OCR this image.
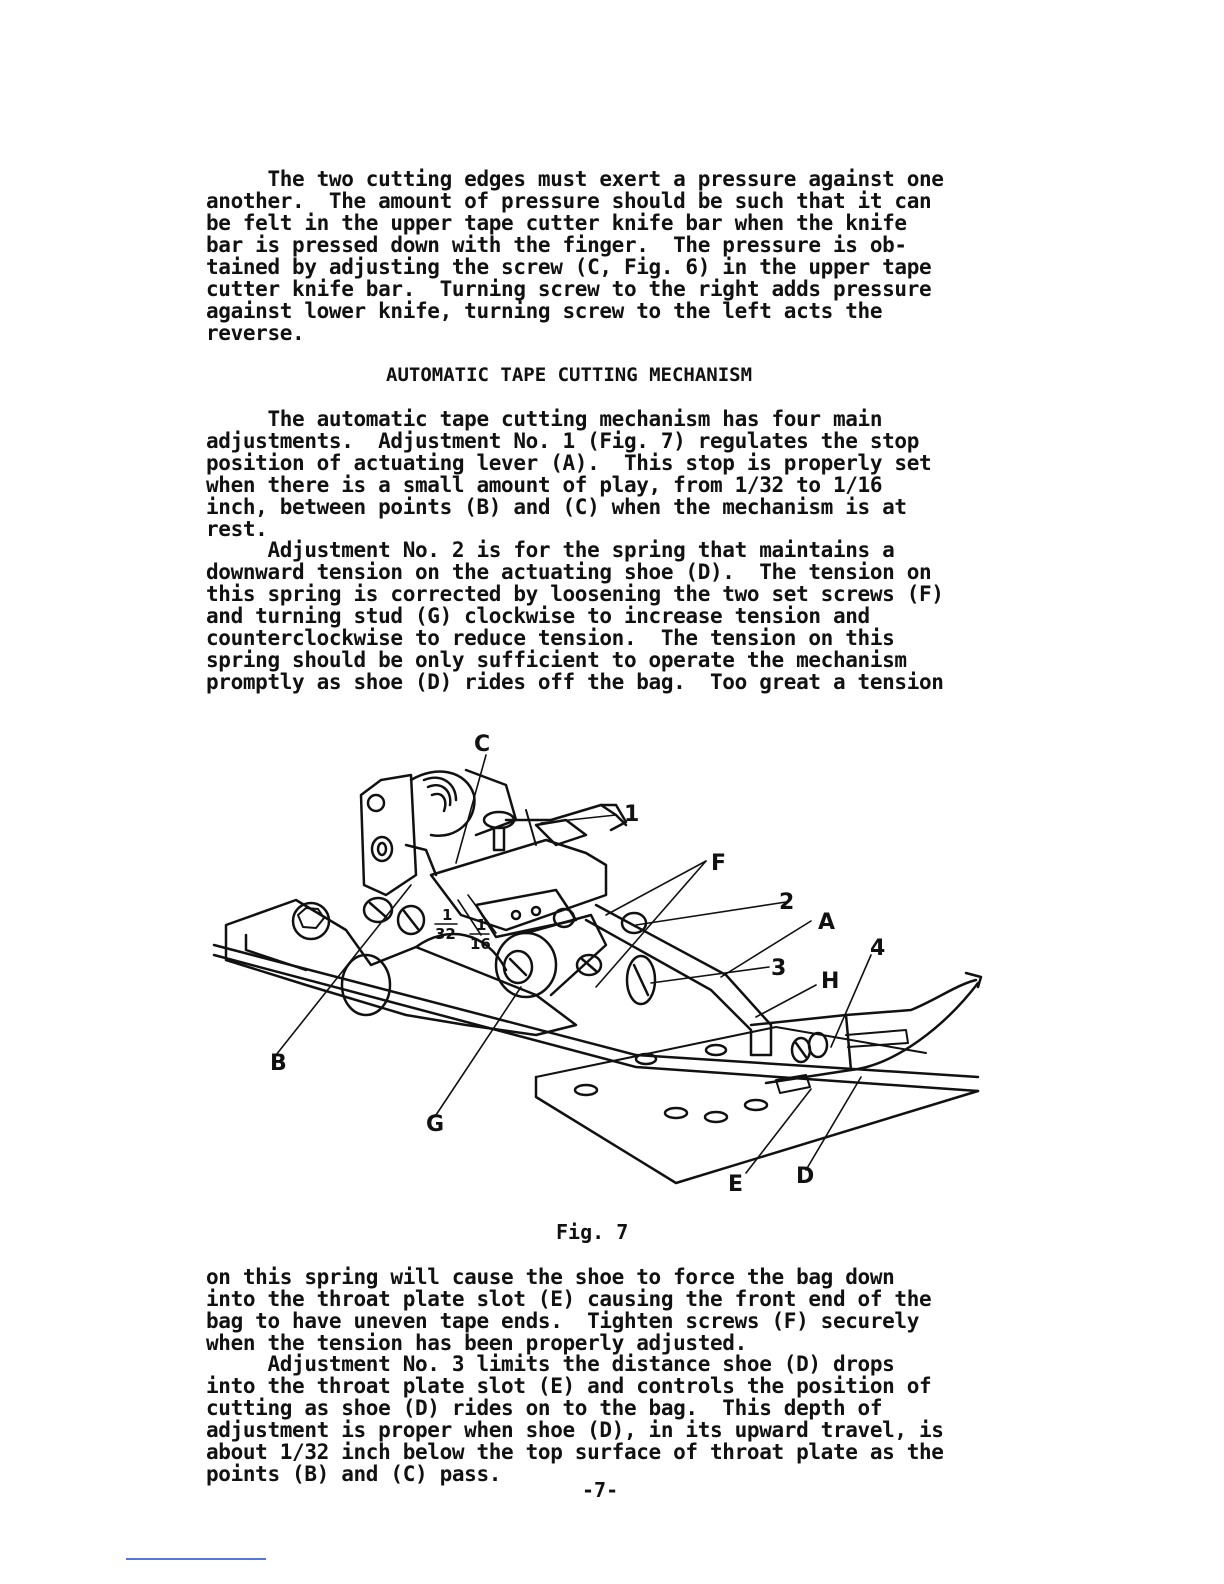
The two cutting edges must exert a pressure against one
another.  The amount of pressure should be such that it can
be felt in the upper tape cutter knife bar when the knife
bar is pressed down with the finger.  The pressure is ob-
tained by adjusting the screw (C, Fig. 6) in the upper tape
cutter knife bar.  Turning screw to the right adds pressure
against lower knife, turning screw to the left acts the
reverse.
AUTOMATIC TAPE CUTTING MECHANISM
The automatic tape cutting mechanism has four main
adjustments.  Adjustment No. 1 (Fig. 7) regulates the stop
position of actuating lever (A).  This stop is properly set
when there is a small amount of play, from 1/32 to 1/16
inch, between points (B) and (C) when the mechanism is at
rest.
Adjustment No. 2 is for the spring that maintains a
downward tension on the actuating shoe (D).  The tension on
this spring is corrected by loosening the two set screws (F)
and turning stud (G) clockwise to increase tension and
counterclockwise to reduce tension.  The tension on this
spring should be only sufficient to operate the mechanism
promptly as shoe (D) rides off the bag.  Too great a tension
C
1
F
2
A
4
3
H
B
G
E D
1
32 1
16
Fig. 7
on this spring will cause the shoe to force the bag down
into the throat plate slot (E) causing the front end of the
bag to have uneven tape ends.  Tighten screws (F) securely
when the tension has been properly adjusted.
Adjustment No. 3 limits the distance shoe (D) drops
into the throat plate slot (E) and controls the position of
cutting as shoe (D) rides on to the bag.  This depth of
adjustment is proper when shoe (D), in its upward travel, is
about 1/32 inch below the top surface of throat plate as the
points (B) and (C) pass.
-7-
